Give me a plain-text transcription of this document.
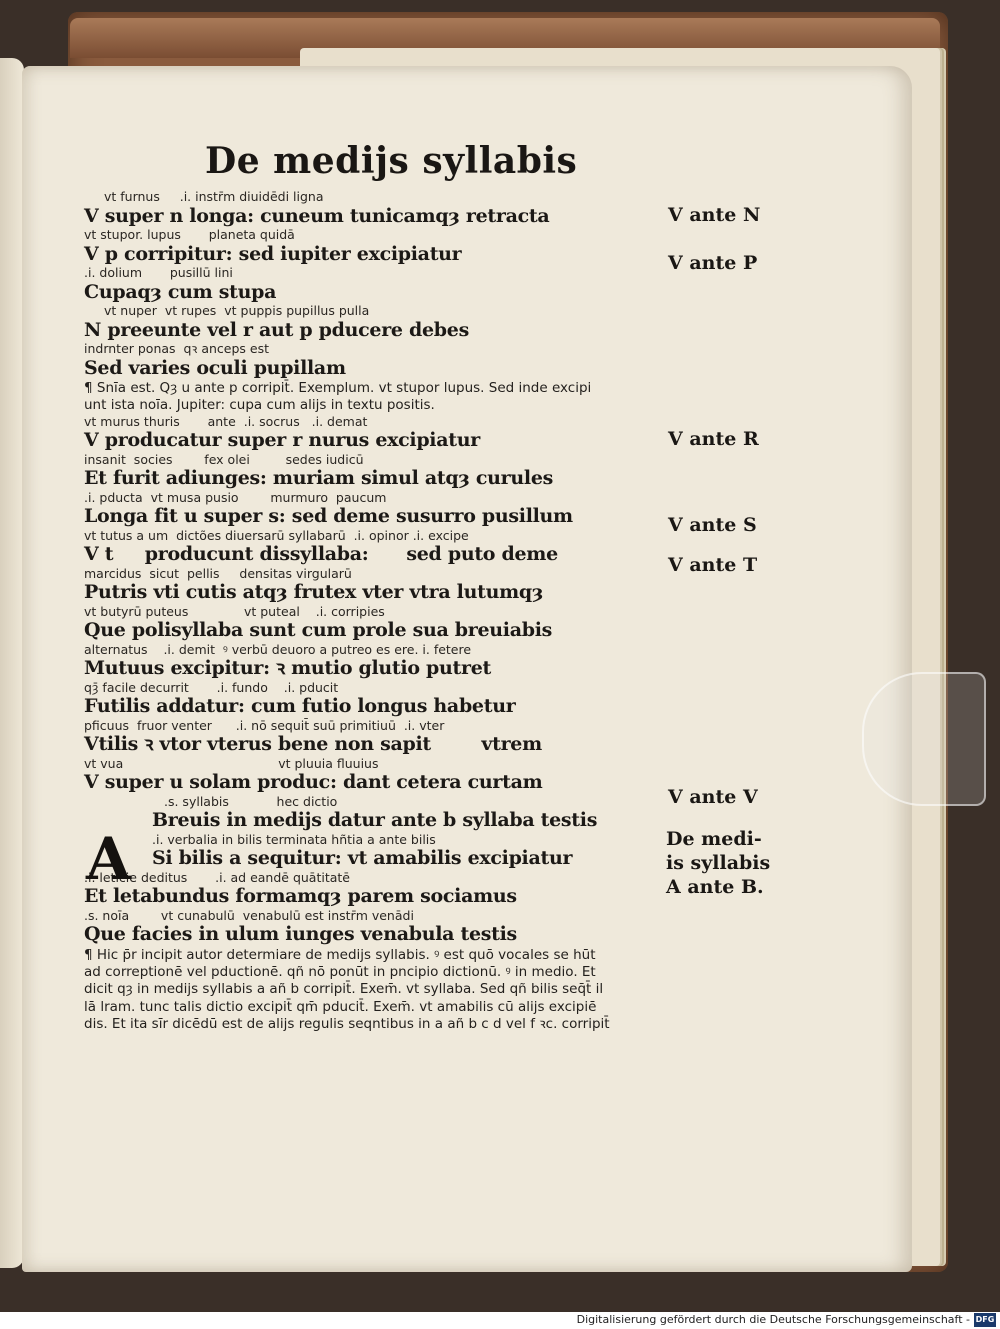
De medijs syllabis
vt furnus     .i. instr̄m diuidēdi ligna
V super n longa: cuneum tunicamqȝ retracta
vt stupor. lupus       planeta quidā
V p corripitur: sed iupiter excipiatur
.i. dolium       pusillū lini
Cupaqȝ cum stupa
vt nuper  vt rupes  vt puppis pupillus pulla
N preeunte vel r aut p pducere debes
indrnter ponas  qꝛ anceps est
Sed varies oculi pupillam
¶ Snīa est. Qȝ u ante p corripit̄. Exemplum. vt stupor lupus. Sed inde excipi
unt ista noīa. Jupiter: cupa cum alijs in textu positis.
vt murus thuris       ante  .i. socrus   .i. demat
V producatur super r nurus excipiatur
insanit  socies        fex olei         sedes iudicū
Et furit adiunges: muriam simul atqȝ curules
.i. pducta  vt musa pusio        murmuro  paucum
Longa fit u super s: sed deme susurro pusillum
vt tutus a um  dictões diuersarū syllabarū  .i. opinor .i. excipe
V t     producunt dissyllaba:      sed puto deme
marcidus  sicut  pellis     densitas virgularū
Putris vti cutis atqȝ frutex vter vtra lutumqȝ
vt butyrū puteus              vt puteal    .i. corripies
Que polisyllaba sunt cum prole sua breuiabis
alternatus    .i. demit  ꝰ verbū deuoro a putreo es ere. i. fetere
Mutuus excipitur: ꝛ mutio glutio putret
qȝ̄ facile decurrit       .i. fundo    .i. pducit
Futilis addatur: cum futio longus habetur
pficuus  fruor venter      .i. nō sequit̄ suū primitiuū  .i. vter
Vtilis ꝛ vtor vterus bene non sapit        vtrem
vt vua                                       vt pluuia fluuius
V super u solam produc: dant cetera curtam
.s. syllabis            hec dictio
Breuis in medijs datur ante b syllaba testis
.i. verbalia in bilis terminata hñtia a ante bilis
Si bilis a sequitur: vt amabilis excipiatur
.i. leticie deditus       .i. ad eandē quātitatē
Et letabundus formamqȝ parem sociamus
.s. noīa        vt cunabulū  venabulū est instr̄m venādi
Que facies in ulum iunges venabula testis
¶ Hic p̄r incipit autor determiare de medijs syllabis. ꝰ est quō vocales se hūt
ad correptionē vel pductionē. qñ nō ponūt in pncipio dictionū. ꝰ in medio. Et
dicit qȝ in medijs syllabis a añ b corripit̄. Exem̄. vt syllaba. Sed qñ bilis seq̄t̄ il
lā lram. tunc talis dictio excipit̄ qm̄ pducit̄. Exem̄. vt amabilis cū alijs excipiē
dis. Et ita sīr dicēdū est de alijs regulis seqntibus in a añ b c d vel f ꝛc. corripit̄
A
V ante N
V ante P
V ante R
V ante S
V ante T
V ante V
De medi-
is syllabis
A ante B.
Digitalisierung gefördert durch die Deutsche Forschungsgemeinschaft - DFG
